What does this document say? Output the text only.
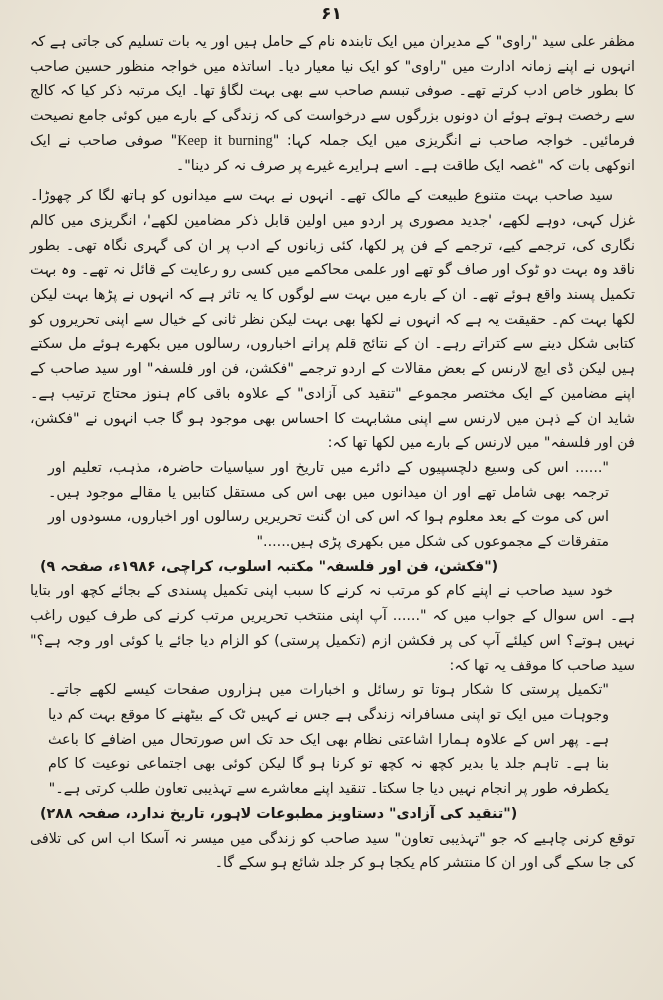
۶۱

مظفر علی سید "راوی" کے مدیران میں ایک تابندہ نام کے حامل ہیں اور یہ بات تسلیم کی جاتی ہے کہ انہوں نے اپنے زمانہ ادارت میں "راوی" کو ایک نیا معیار دیا۔ اساتذہ میں خواجہ منظور حسین صاحب کا بطور خاص ادب کرتے تھے۔ صوفی تبسم صاحب سے بھی بہت لگاؤ تھا۔ ایک مرتبہ ذکر کیا کہ کالج سے رخصت ہوتے ہوئے ان دونوں بزرگوں سے درخواست کی کہ زندگی کے بارے میں کوئی جامع نصیحت فرمائیں۔ خواجہ صاحب نے انگریزی میں ایک جملہ کہا: "Keep it burning" صوفی صاحب نے ایک انوکھی بات کہ "غصہ ایک طاقت ہے۔ اسے ہرایرے غیرے پر صرف نہ کر دینا"۔

سید صاحب بہت متنوع طبیعت کے مالک تھے۔ انہوں نے بہت سے میدانوں کو ہاتھ لگا کر چھوڑا۔ غزل کہی، دوہے لکھے، 'جدید مصوری پر اردو میں اولین قابل ذکر مضامین لکھے'، انگریزی میں کالم نگاری کی، ترجمے کیے، ترجمے کے فن پر لکھا، کئی زبانوں کے ادب پر ان کی گہری نگاہ تھی۔ بطور ناقد وہ بہت دو ٹوک اور صاف گو تھے اور علمی محاکمے میں کسی رو رعایت کے قائل نہ تھے۔ وہ بہت تکمیل پسند واقع ہوئے تھے۔ ان کے بارے میں بہت سے لوگوں کا یہ تاثر ہے کہ انہوں نے پڑھا بہت لیکن لکھا بہت کم۔ حقیقت یہ ہے کہ انہوں نے لکھا بھی بہت لیکن نظر ثانی کے خیال سے اپنی تحریروں کو کتابی شکل دینے سے کتراتے رہے۔ ان کے نتائج قلم پرانے اخباروں، رسالوں میں بکھرے ہوئے مل سکتے ہیں لیکن ڈی ایچ لارنس کے بعض مقالات کے اردو ترجمے "فکشن، فن اور فلسفہ" اور سید صاحب کے اپنے مضامین کے ایک مختصر مجموعے "تنقید کی آزادی" کے علاوہ باقی کام ہنوز محتاج ترتیب ہے۔ شاید ان کے ذہن میں لارنس سے اپنی مشابہت کا احساس بھی موجود ہو گا جب انہوں نے "فکشن، فن اور فلسفہ" میں لارنس کے بارے میں لکھا تھا کہ:

"...... اس کی وسیع دلچسپیوں کے دائرے میں تاریخ اور سیاسیات حاضرہ، مذہب، تعلیم اور ترجمہ بھی شامل تھے اور ان میدانوں میں بھی اس کی مستقل کتابیں یا مقالے موجود ہیں۔ اس کی موت کے بعد معلوم ہوا کہ اس کی ان گنت تحریریں رسالوں اور اخباروں، مسودوں اور متفرقات کے مجموعوں کی شکل میں بکھری پڑی ہیں......"

("فکشن، فن اور فلسفہ" مکتبہ اسلوب، کراچی، ۱۹۸۶ء، صفحہ ۹)

خود سید صاحب نے اپنے کام کو مرتب نہ کرنے کا سبب اپنی تکمیل پسندی کے بجائے کچھ اور بتایا ہے۔ اس سوال کے جواب میں کہ "...... آپ اپنی منتخب تحریریں مرتب کرنے کی طرف کیوں راغب نہیں ہوتے؟ اس کیلئے آپ کی پر فکشن ازم (تکمیل پرستی) کو الزام دیا جائے یا کوئی اور وجہ ہے؟" سید صاحب کا موقف یہ تھا کہ:

"تکمیل پرستی کا شکار ہوتا تو رسائل و اخبارات میں ہزاروں صفحات کیسے لکھے جاتے۔ وجوہات میں ایک تو اپنی مسافرانہ زندگی ہے جس نے کہیں ٹک کے بیٹھنے کا موقع بہت کم دیا ہے۔ پھر اس کے علاوہ ہمارا اشاعتی نظام بھی ایک حد تک اس صورتحال میں اضافے کا باعث بنا ہے۔ تاہم جلد یا بدیر کچھ نہ کچھ تو کرنا ہو گا لیکن کوئی بھی اجتماعی نوعیت کا کام یکطرفہ طور پر انجام نہیں دیا جا سکتا۔ تنقید اپنے معاشرے سے تہذیبی تعاون طلب کرتی ہے۔"

("تنقید کی آزادی" دستاویز مطبوعات لاہور، تاریخ ندارد، صفحہ ۲۸۸)

توقع کرنی چاہیے کہ جو "تہذیبی تعاون" سید صاحب کو زندگی میں میسر نہ آسکا اب اس کی تلافی کی جا سکے گی اور ان کا منتشر کام یکجا ہو کر جلد شائع ہو سکے گا۔
